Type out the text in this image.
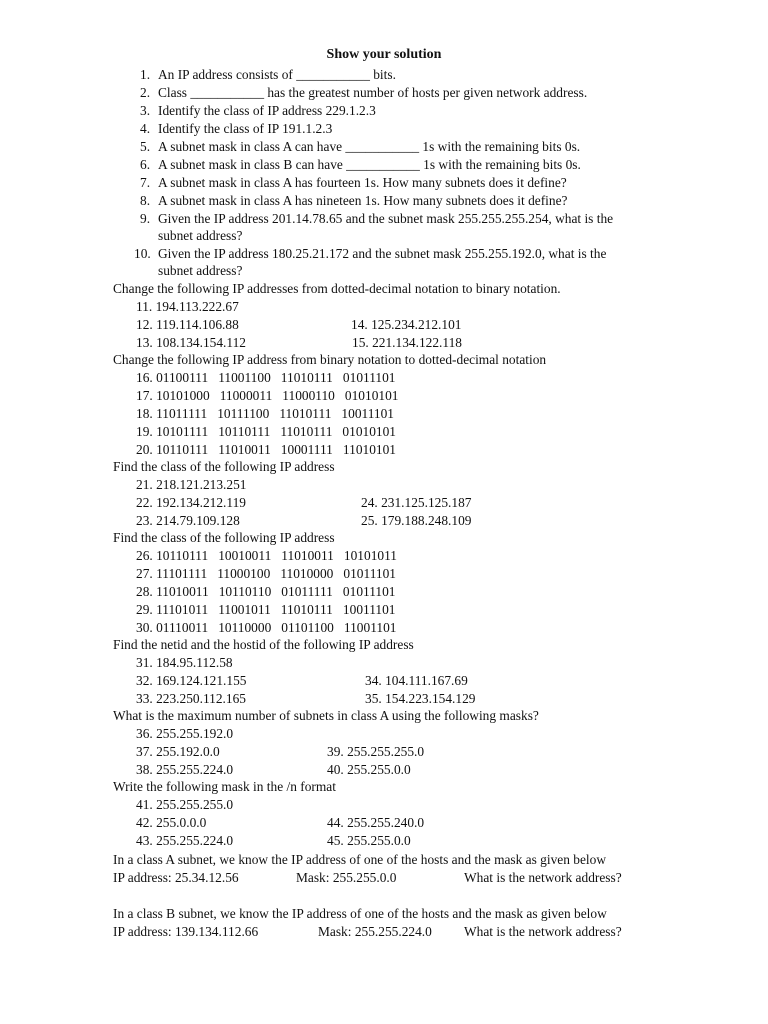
Show your solution
1. An IP address consists of ___________ bits.
2. Class ___________ has the greatest number of hosts per given network address.
3. Identify the class of IP address 229.1.2.3
4. Identify the class of IP 191.1.2.3
5. A subnet mask in class A can have ___________ 1s with the remaining bits 0s.
6. A subnet mask in class B can have ___________ 1s with the remaining bits 0s.
7. A subnet mask in class A has fourteen 1s. How many subnets does it define?
8. A subnet mask in class A has nineteen 1s. How many subnets does it define?
9. Given the IP address 201.14.78.65 and the subnet mask 255.255.255.254, what is the
subnet address?
10. Given the IP address 180.25.21.172 and the subnet mask 255.255.192.0, what is the
subnet address?
Change the following IP addresses from dotted-decimal notation to binary notation.
11. 194.113.222.67
12. 119.114.106.88	14. 125.234.212.101
13. 108.134.154.112	15. 221.134.122.118
Change the following IP address from binary notation to dotted-decimal notation
16. 01100111   11001100   11010111   01011101
17. 10101000   11000011   11000110   01010101
18. 11011111   10111100   11010111   10011101
19. 10101111   10110111   11010111   01010101
20. 10110111   11010011   10001111   11010101
Find the class of the following IP address
21. 218.121.213.251
22. 192.134.212.119	24. 231.125.125.187
23. 214.79.109.128	25. 179.188.248.109
Find the class of the following IP address
26. 10110111   10010011   11010011   10101011
27. 11101111   11000100   11010000   01011101
28. 11010011   10110110   01011111   01011101
29. 11101011   11001011   11010111   10011101
30. 01110011   10110000   01101100   11001101
Find the netid and the hostid of the following IP address
31. 184.95.112.58
32. 169.124.121.155	34. 104.111.167.69
33. 223.250.112.165	35. 154.223.154.129
What is the maximum number of subnets in class A using the following masks?
36. 255.255.192.0
37. 255.192.0.0	39. 255.255.255.0
38. 255.255.224.0	40. 255.255.0.0
Write the following mask in the /n format
41. 255.255.255.0
42. 255.0.0.0	44. 255.255.240.0
43. 255.255.224.0	45. 255.255.0.0
In a class A subnet, we know the IP address of one of the hosts and the mask as given below
IP address: 25.34.12.56	Mask: 255.255.0.0	What is the network address?
In a class B subnet, we know the IP address of one of the hosts and the mask as given below
IP address: 139.134.112.66	Mask: 255.255.224.0 What is the network address?
